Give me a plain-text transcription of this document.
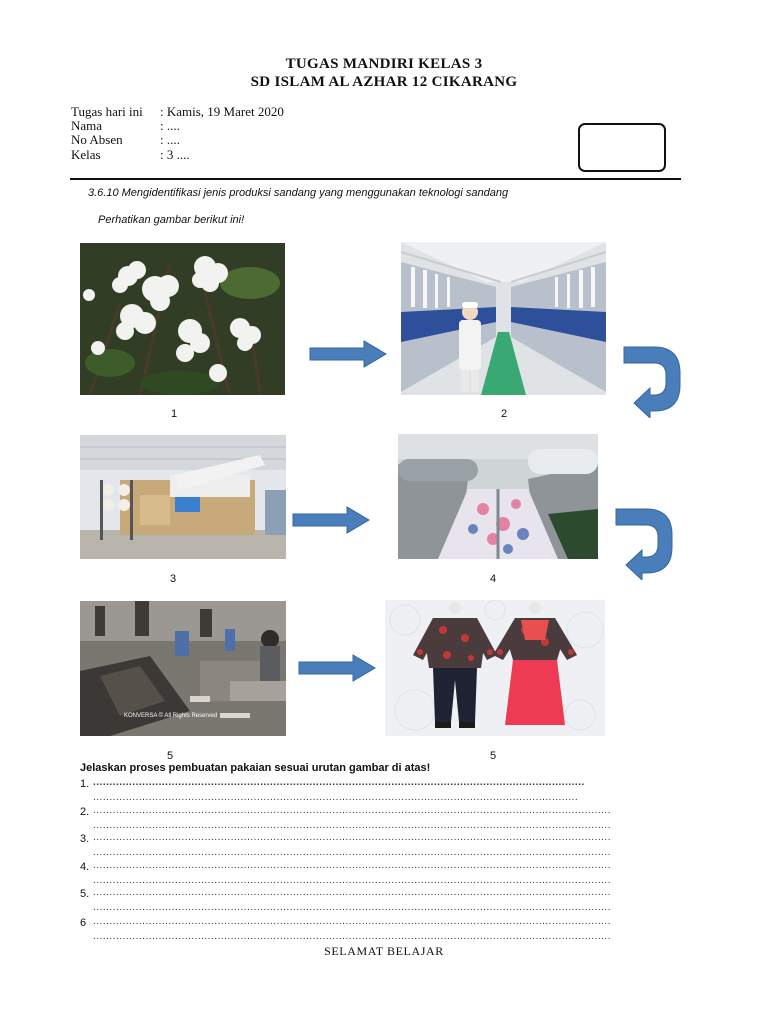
TUGAS MANDIRI KELAS 3
SD ISLAM AL AZHAR 12 CIKARANG
Tugas hari ini : Kamis, 19 Maret 2020
Nama	: ....
No Absen	: ....
Kelas	: 3 ....
3.6.10 Mengidentifikasi jenis produksi sandang yang menggunakan teknologi sandang
Perhatikan gambar berikut ini!
1	2
3	4
KONVERSA © All Rights Reserved
5	5
Jelaskan proses pembuatan pakaian sesuai urutan gambar di atas!
1. ......................................................................................................................................................
....................................................................................................................................................
2. ..............................................................................................................................................................
..............................................................................................................................................................
3. ..............................................................................................................................................................
..............................................................................................................................................................
4. ..............................................................................................................................................................
..............................................................................................................................................................
5. ..............................................................................................................................................................
..............................................................................................................................................................
6 ..............................................................................................................................................................
..............................................................................................................................................................
SELAMAT BELAJAR
